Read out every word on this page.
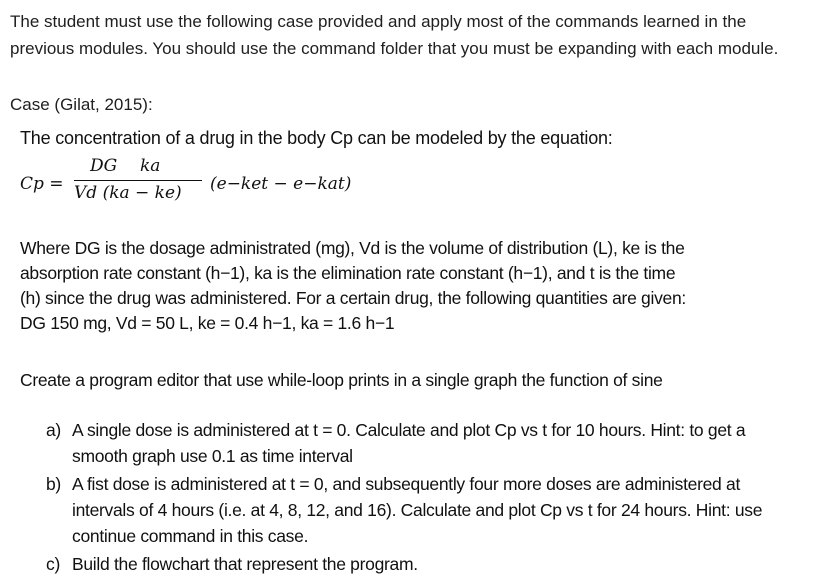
The student must use the following case provided and apply most of the commands learned in the previous modules. You should use the command folder that you must be expanding with each module.
Case (Gilat, 2015):
The concentration of a drug in the body Cp can be modeled by the equation:
Cp =
DG ka
Vd (ka − ke)	(e−ket − e−kat)
Where DG is the dosage administrated (mg), Vd is the volume of distribution (L), ke is the
absorption rate constant (h−1), ka is the elimination rate constant (h−1), and t is the time
(h) since the drug was administered. For a certain drug, the following quantities are given:
DG 150 mg, Vd = 50 L, ke = 0.4 h−1, ka = 1.6 h−1
Create a program editor that use while-loop prints in a single graph the function of sine
a) A single dose is administered at t = 0. Calculate and plot Cp vs t for 10 hours. Hint: to get a smooth graph use 0.1 as time interval
b) A fist dose is administered at t = 0, and subsequently four more doses are administered at intervals of 4 hours (i.e. at 4, 8, 12, and 16). Calculate and plot Cp vs t for 24 hours. Hint: use continue command in this case.
c) Build the flowchart that represent the program.
